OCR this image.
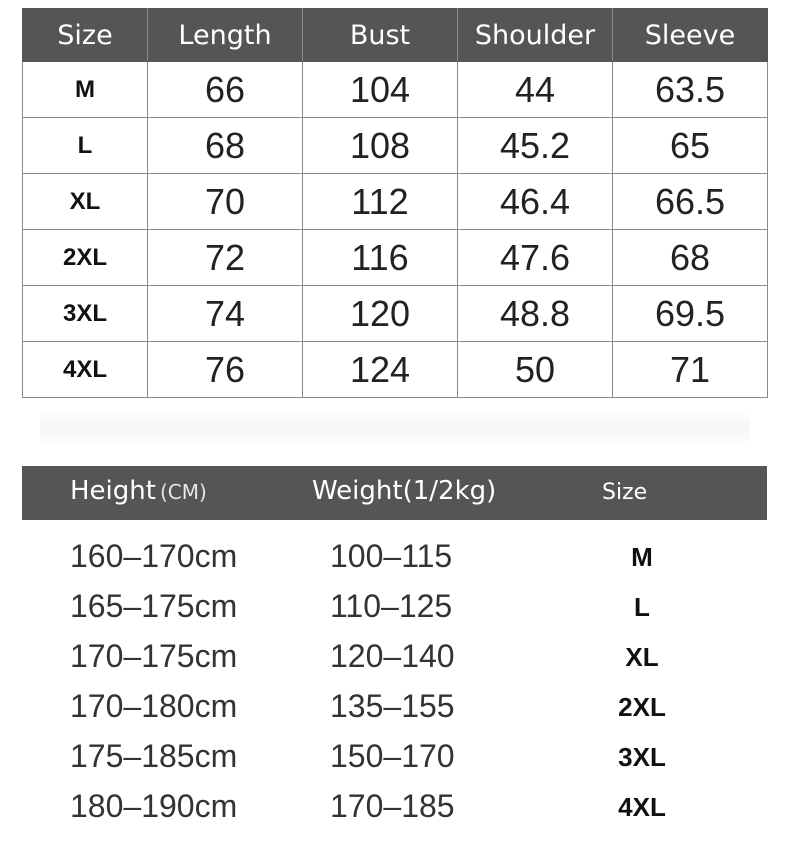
Size	Length	Bust	Shoulder	Sleeve
M	66	104	44	63.5
L	68	108	45.2	65
XL	70	112	46.4	66.5
2XL	72	116	47.6	68
3XL	74	120	48.8	69.5
4XL	76	124	50	71
Height (CM)	Weight(1/2kg)	Size
160–170cm	100–115	M
165–175cm	110–125	L
170–175cm	120–140	XL
170–180cm	135–155	2XL
175–185cm	150–170	3XL
180–190cm	170–185	4XL
